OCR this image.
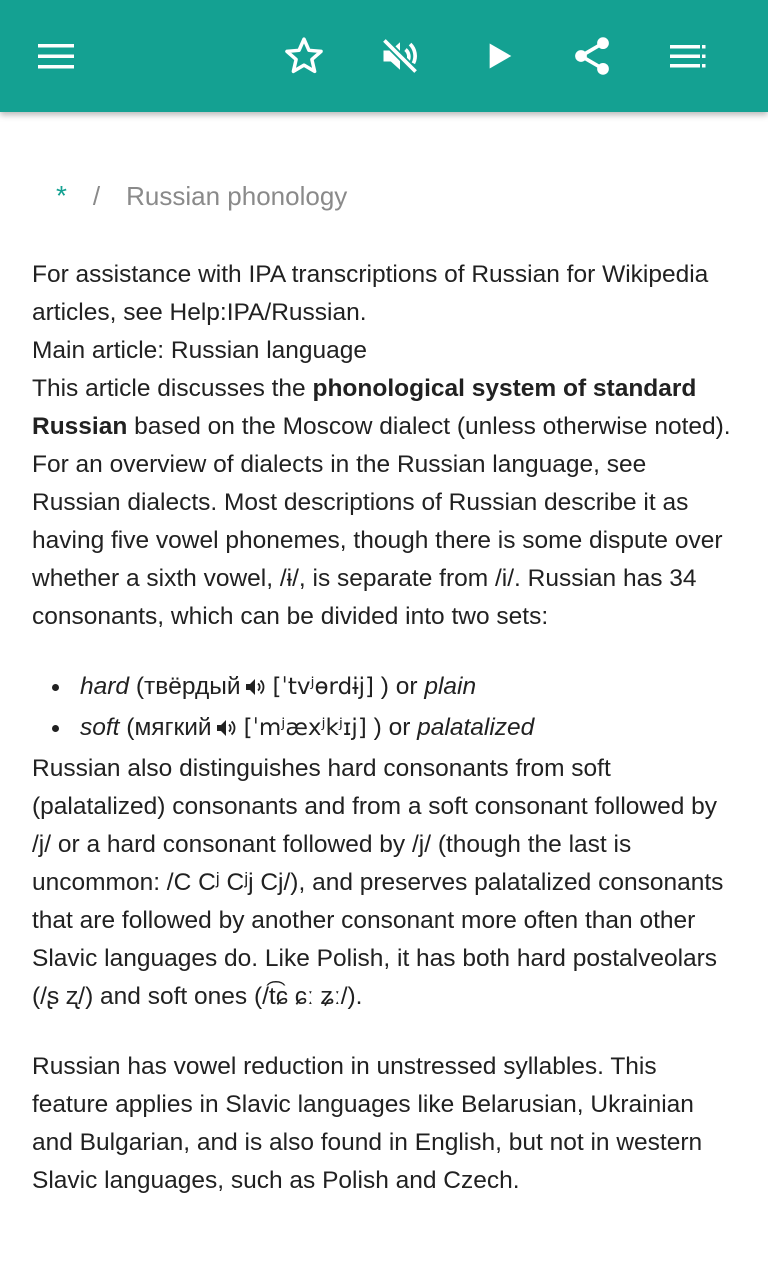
* / Russian phonology

For assistance with IPA transcriptions of Russian for Wikipedia articles, see Help:IPA/Russian.

Main article: Russian language

This article discusses the phonological system of standard Russian based on the Moscow dialect (unless otherwise noted). For an overview of dialects in the Russian language, see Russian dialects. Most descriptions of Russian describe it as having five vowel phonemes, though there is some dispute over whether a sixth vowel, /ɨ/, is separate from /i/. Russian has 34 consonants, which can be divided into two sets:

hard (твёрдый [ˈtvʲɵrdɨj] ) or plain
soft (мягкий [ˈmʲæxʲkʲɪj] ) or palatalized

Russian also distinguishes hard consonants from soft (palatalized) consonants and from a soft consonant followed by /j/ or a hard consonant followed by /j/ (though the last is uncommon: /C Cʲ Cʲj Cj/), and preserves palatalized consonants that are followed by another consonant more often than other Slavic languages do. Like Polish, it has both hard postalveolars (/ʂ ʐ/) and soft ones (/t͡ɕ ɕː ʑː/).

Russian has vowel reduction in unstressed syllables. This feature applies in Slavic languages like Belarusian, Ukrainian and Bulgarian, and is also found in English, but not in western Slavic languages, such as Polish and Czech.
